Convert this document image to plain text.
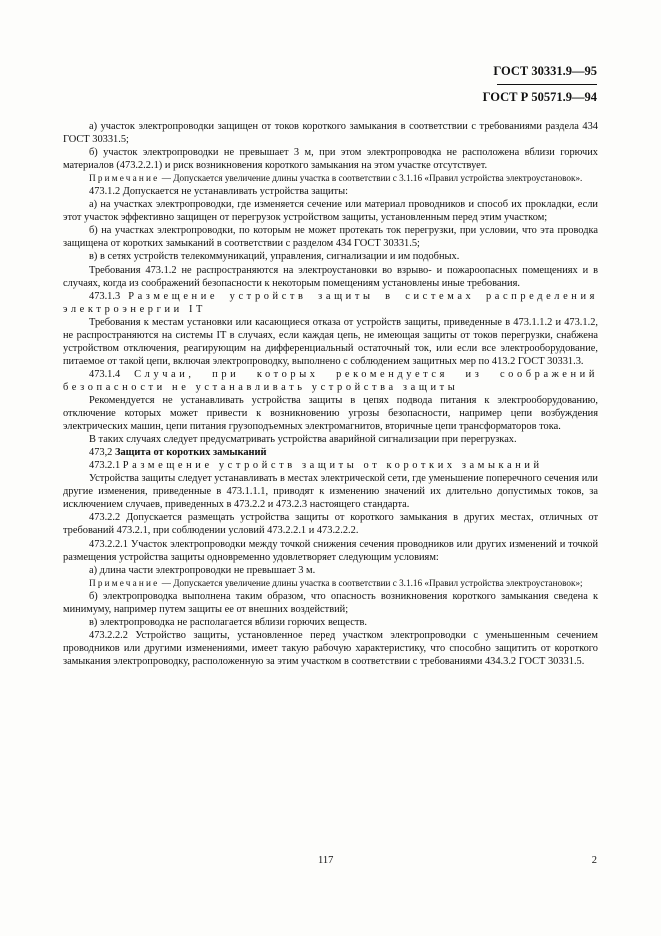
ГОСТ 30331.9—95
ГОСТ Р 50571.9—94

а) участок электропроводки защищен от токов короткого замыкания в соответствии с требованиями раздела 434 ГОСТ 30331.5;

б) участок электропроводки не превышает 3 м, при этом электропроводка не расположена вблизи горючих материалов (473.2.2.1) и риск возникновения короткого замыкания на этом участке отсутствует.

Примечание — Допускается увеличение длины участка в соответствии с 3.1.16 «Правил устройства электроустановок».

473.1.2 Допускается не устанавливать устройства защиты:

а) на участках электропроводки, где изменяется сечение или материал проводников и способ их прокладки, если этот участок эффективно защищен от перегрузок устройством защиты, установленным перед этим участком;

б) на участках электропроводки, по которым не может протекать ток перегрузки, при условии, что эта проводка защищена от коротких замыканий в соответствии с разделом 434 ГОСТ 30331.5;

в) в сетях устройств телекоммуникаций, управления, сигнализации и им подобных.

Требования 473.1.2 не распространяются на электроустановки во взрыво- и пожароопасных помещениях и в случаях, когда из соображений безопасности к некоторым помещениям установлены иные требования.

473.1.3 Размещение устройств защиты в системах распределения электроэнергии IT

Требования к местам установки или касающиеся отказа от устройств защиты, приведенные в 473.1.1.2 и 473.1.2, не распространяются на системы IT в случаях, если каждая цепь, не имеющая защиты от токов перегрузки, снабжена устройством отключения, реагирующим на дифференциальный остаточный ток, или если все электрооборудование, питаемое от такой цепи, включая электропроводку, выполнено с соблюдением защитных мер по 413.2 ГОСТ 30331.3.

473.1.4 Случаи, при которых рекомендуется из соображений безопасности не устанавливать устройства защиты

Рекомендуется не устанавливать устройства защиты в цепях подвода питания к электрооборудованию, отключение которых может привести к возникновению угрозы безопасности, например цепи возбуждения электрических машин, цепи питания грузоподъемных электромагнитов, вторичные цепи трансформаторов тока.

В таких случаях следует предусматривать устройства аварийной сигнализации при перегрузках.

473,2 Защита от коротких замыканий

473.2.1 Размещение устройств защиты от коротких замыканий

Устройства защиты следует устанавливать в местах электрической сети, где уменьшение поперечного сечения или другие изменения, приведенные в 473.1.1.1, приводят к изменению значений их длительно допустимых токов, за исключением случаев, приведенных в 473.2.2 и 473.2.3 настоящего стандарта.

473.2.2 Допускается размещать устройства защиты от короткого замыкания в других местах, отличных от требований 473.2.1, при соблюдении условий 473.2.2.1 и 473.2.2.2.

473.2.2.1 Участок электропроводки между точкой снижения сечения проводников или других изменений и точкой размещения устройства защиты одновременно удовлетворяет следующим условиям:

а) длина части электропроводки не превышает 3 м.

Примечание — Допускается увеличение длины участка в соответствии с 3.1.16 «Правил устройства электроустановок»;

б) электропроводка выполнена таким образом, что опасность возникновения короткого замыкания сведена к минимуму, например путем защиты ее от внешних воздействий;

в) электропроводка не располагается вблизи горючих веществ.

473.2.2.2 Устройство защиты, установленное перед участком электропроводки с уменьшенным сечением проводников или другими изменениями, имеет такую рабочую характеристику, что способно защитить от короткого замыкания электропроводку, расположенную за этим участком в соответствии с требованиями 434.3.2 ГОСТ 30331.5.

117	2
